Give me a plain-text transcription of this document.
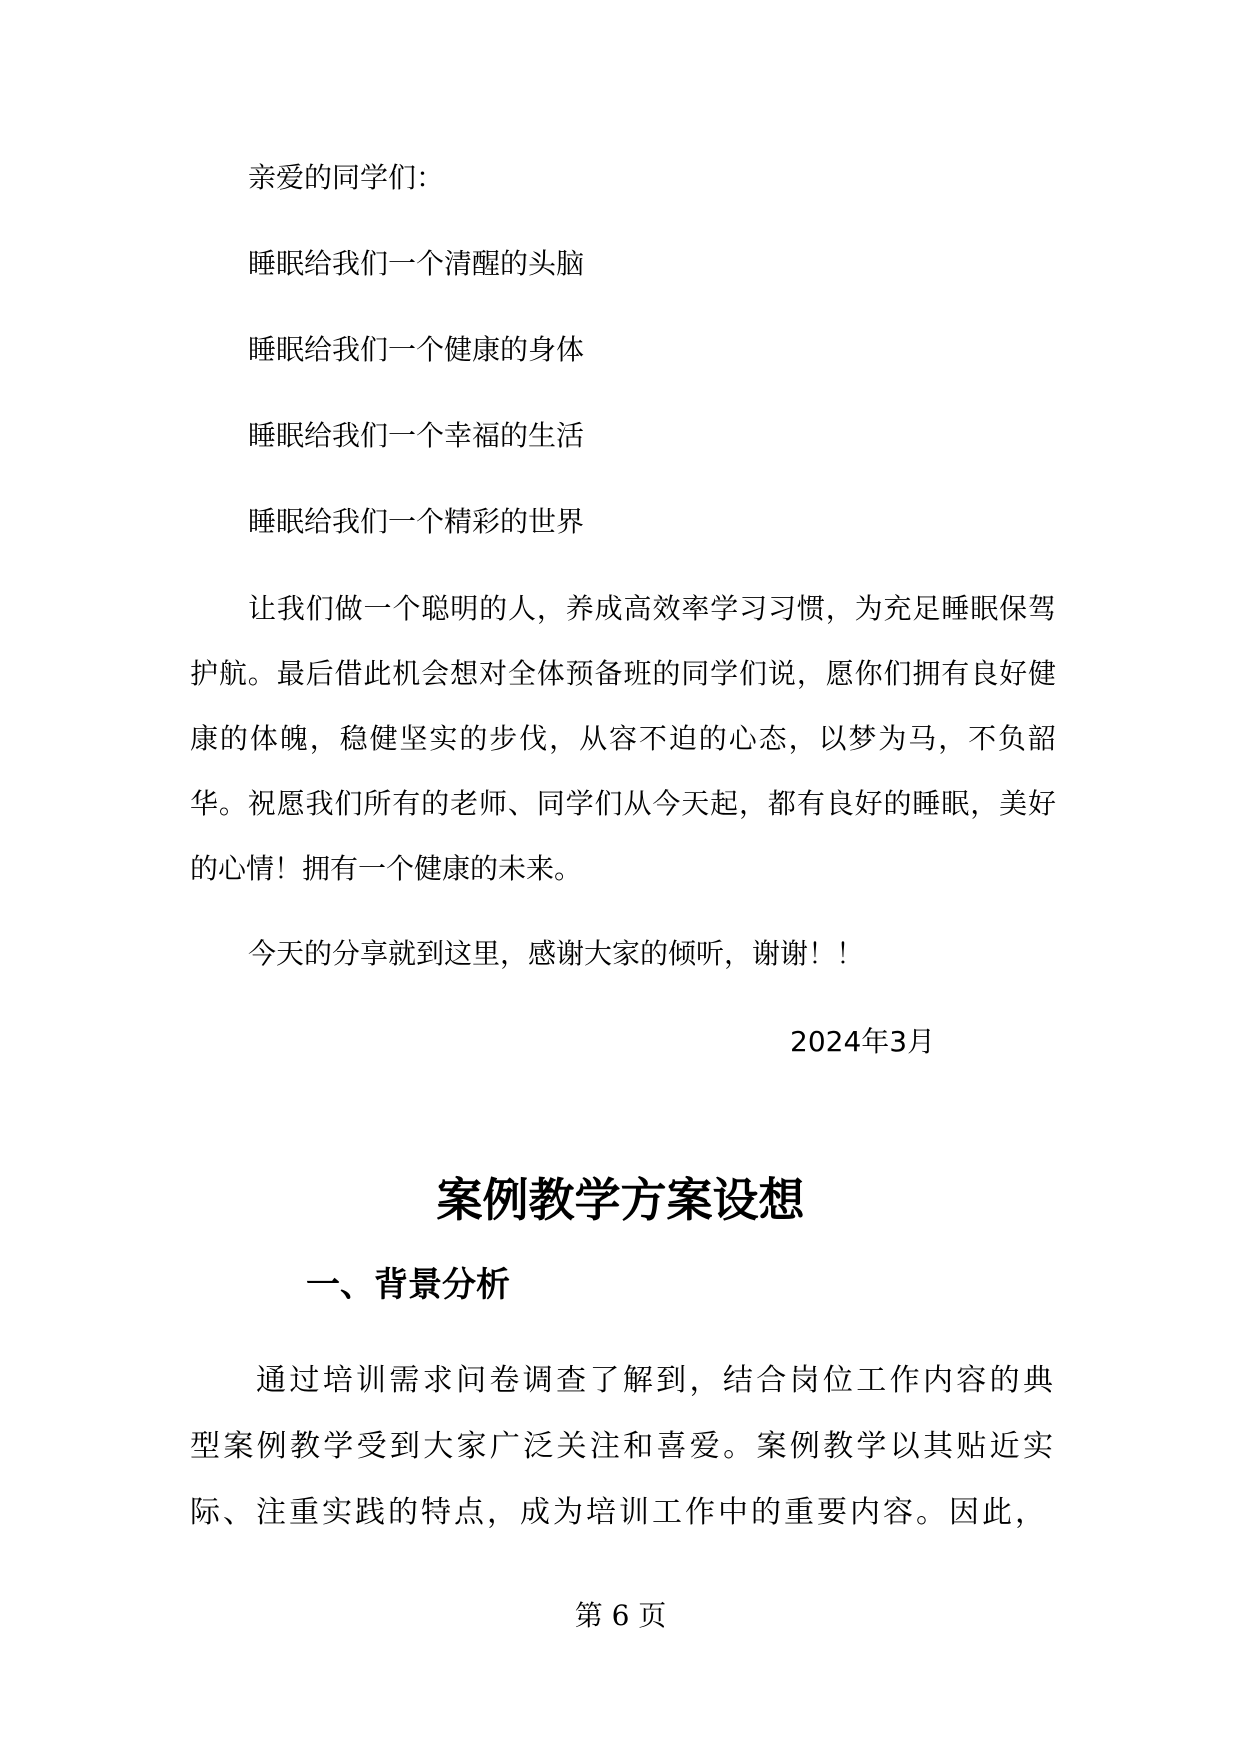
亲爱的同学们：
睡眠给我们一个清醒的头脑
睡眠给我们一个健康的身体
睡眠给我们一个幸福的生活
睡眠给我们一个精彩的世界

让我们做一个聪明的人，养成高效率学习习惯，为充足睡眠保驾护航。最后借此机会想对全体预备班的同学们说，愿你们拥有良好健康的体魄，稳健坚实的步伐，从容不迫的心态，以梦为马，不负韶华。祝愿我们所有的老师、同学们从今天起，都有良好的睡眠，美好的心情！拥有一个健康的未来。

今天的分享就到这里，感谢大家的倾听，谢谢！！
2024年3月
案例教学方案设想
一、背景分析

通过培训需求问卷调查了解到，结合岗位工作内容的典型案例教学受到大家广泛关注和喜爱。案例教学以其贴近实际、注重实践的特点，成为培训工作中的重要内容。因此，

第 6 页
